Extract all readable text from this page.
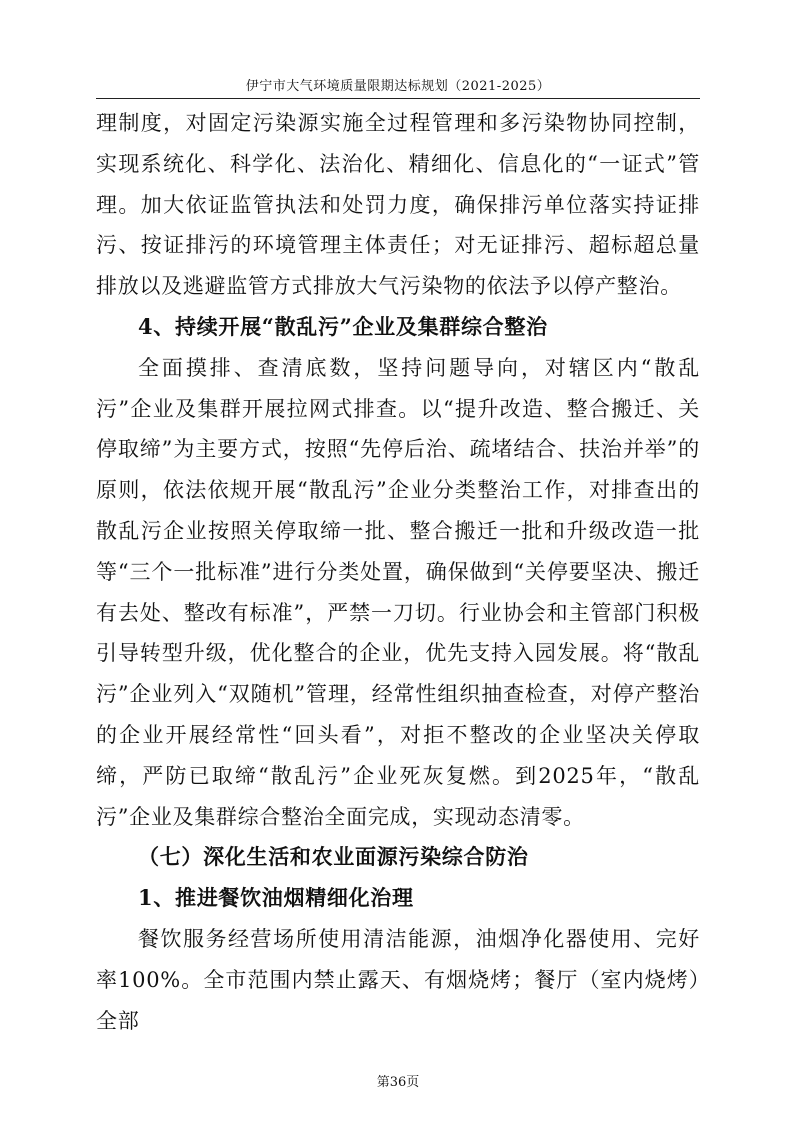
伊宁市大气环境质量限期达标规划（2021-2025）

理制度，对固定污染源实施全过程管理和多污染物协同控制，实现系统化、科学化、法治化、精细化、信息化的“一证式”管理。加大依证监管执法和处罚力度，确保排污单位落实持证排污、按证排污的环境管理主体责任；对无证排污、超标超总量排放以及逃避监管方式排放大气污染物的依法予以停产整治。

4、持续开展“散乱污”企业及集群综合整治

全面摸排、查清底数，坚持问题导向，对辖区内“散乱污”企业及集群开展拉网式排查。以“提升改造、整合搬迁、关停取缔”为主要方式，按照“先停后治、疏堵结合、扶治并举”的原则，依法依规开展“散乱污”企业分类整治工作，对排查出的散乱污企业按照关停取缔一批、整合搬迁一批和升级改造一批等“三个一批标准”进行分类处置，确保做到“关停要坚决、搬迁有去处、整改有标准”，严禁一刀切。行业协会和主管部门积极引导转型升级，优化整合的企业，优先支持入园发展。将“散乱污”企业列入“双随机”管理，经常性组织抽查检查，对停产整治的企业开展经常性“回头看”，对拒不整改的企业坚决关停取缔，严防已取缔“散乱污”企业死灰复燃。到2025年，“散乱污”企业及集群综合整治全面完成，实现动态清零。

（七）深化生活和农业面源污染综合防治

1、推进餐饮油烟精细化治理

餐饮服务经营场所使用清洁能源，油烟净化器使用、完好率100%。全市范围内禁止露天、有烟烧烤；餐厅（室内烧烤）全部

第36页
